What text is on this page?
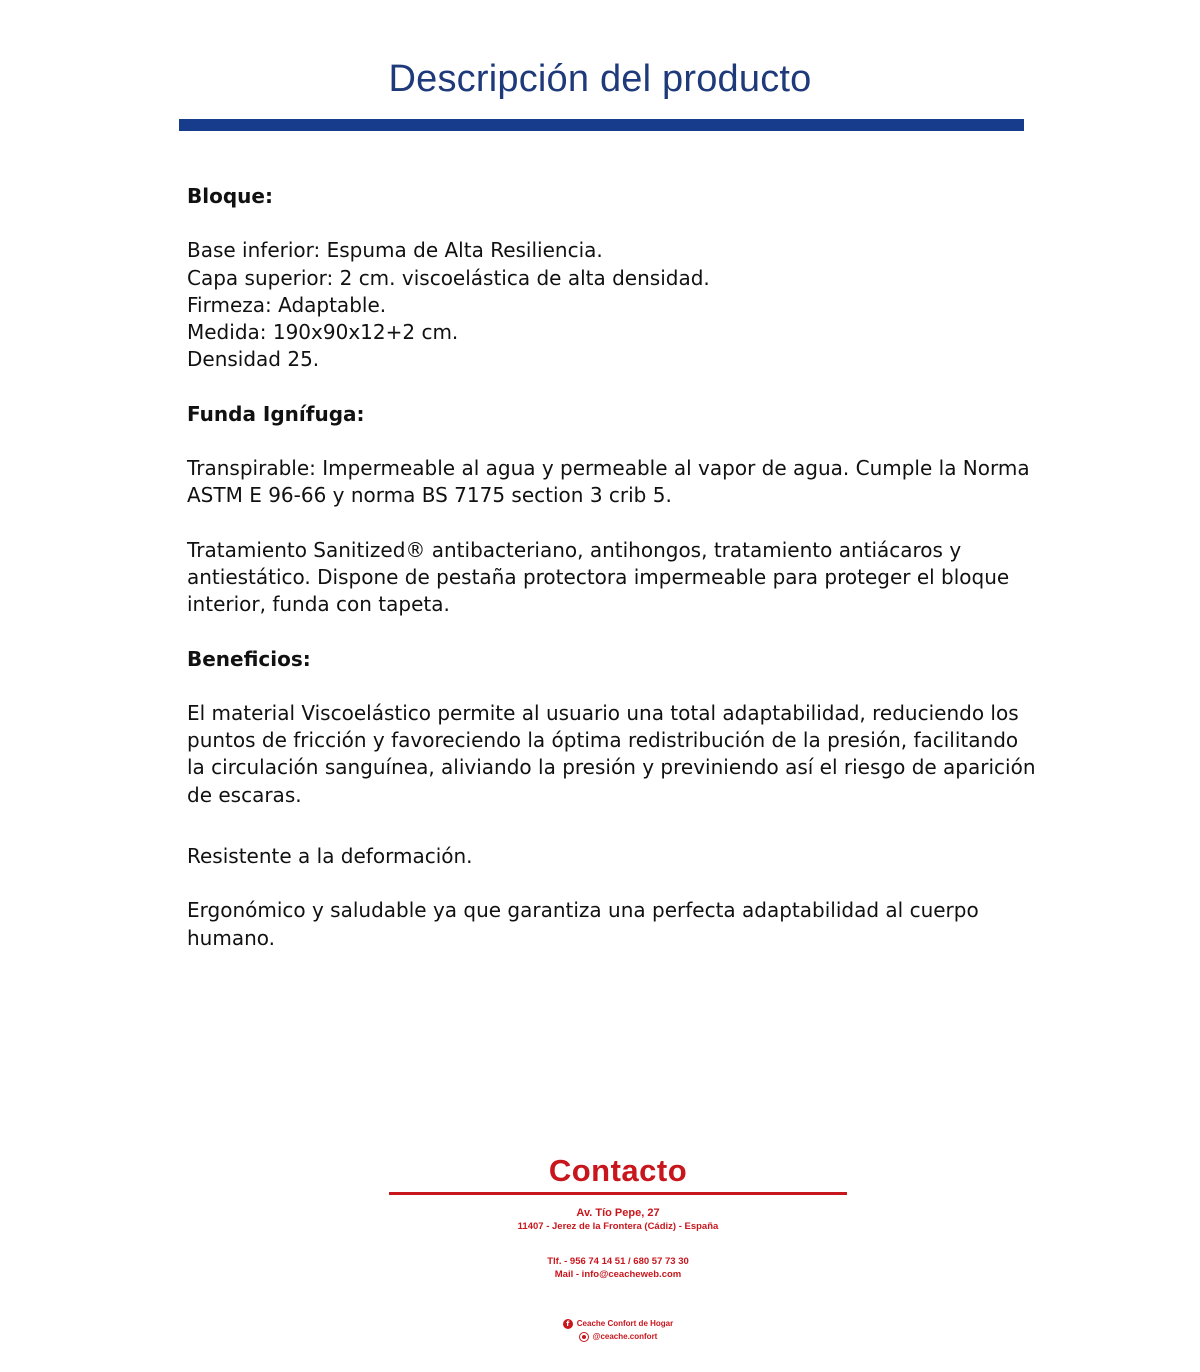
Descripción del producto

Bloque:

Base inferior: Espuma de Alta Resiliencia.

Capa superior: 2 cm. viscoelástica de alta densidad.

Firmeza: Adaptable.

Medida: 190x90x12+2 cm.

Densidad 25.

Funda Ignífuga:

Transpirable: Impermeable al agua y permeable al vapor de agua. Cumple la Norma ASTM E 96-66 y norma BS 7175 section 3 crib 5.

Tratamiento Sanitized® antibacteriano, antihongos, tratamiento antiácaros y antiestático. Dispone de pestaña protectora impermeable para proteger el bloque interior, funda con tapeta.

Beneficios:

El material Viscoelástico permite al usuario una total adaptabilidad, reduciendo los puntos de fricción y favoreciendo la óptima redistribución de la presión, facilitando la circulación sanguínea, aliviando la presión y previniendo así el riesgo de aparición de escaras.

Resistente a la deformación.

Ergonómico y saludable ya que garantiza una perfecta adaptabilidad al cuerpo humano.

Contacto

Av. Tío Pepe, 27

11407 - Jerez de la Frontera (Cádiz) - España

Tlf. - 956 74 14 51 / 680 57 73 30

Mail - info@ceacheweb.com

f Ceache Confort de Hogar
@ceache.confort
